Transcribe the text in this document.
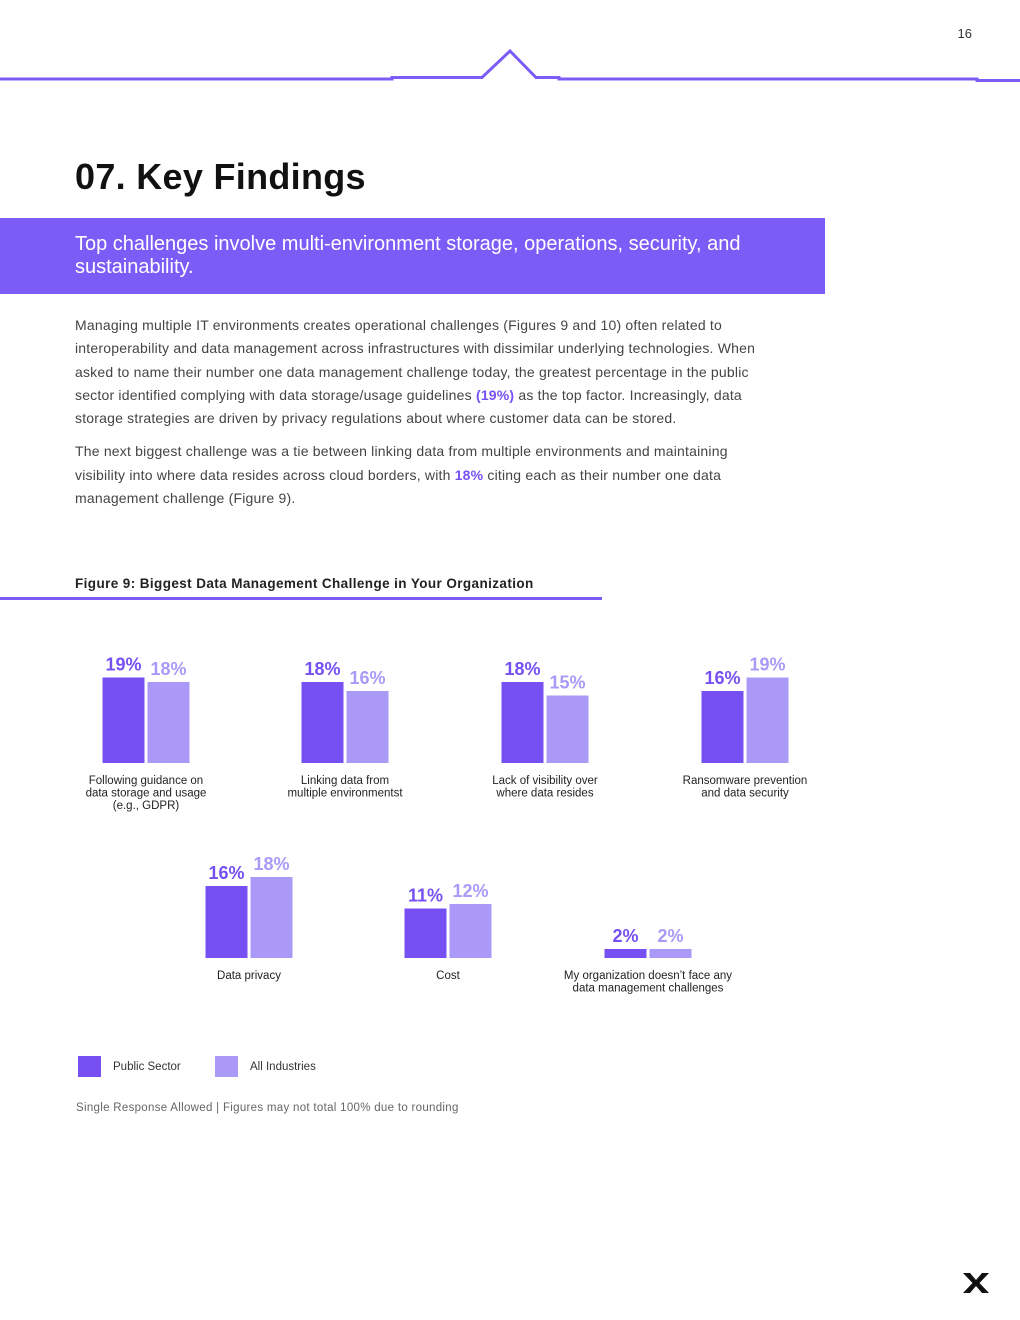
16
07. Key Findings
Top challenges involve multi-environment storage, operations, security, and sustainability.

Managing multiple IT environments creates operational challenges (Figures 9 and 10) often related to interoperability and data management across infrastructures with dissimilar underlying technologies. When asked to name their number one data management challenge today, the greatest percentage in the public sector identified complying with data storage/usage guidelines (19%) as the top factor. Increasingly, data storage strategies are driven by privacy regulations about where customer data can be stored.

The next biggest challenge was a tie between linking data from multiple environments and maintaining visibility into where data resides across cloud borders, with 18% citing each as their number one data management challenge (Figure 9).

Figure 9: Biggest Data Management Challenge in Your Organization
19% 18%
Following guidance on
data storage and usage
(e.g., GDPR)
18% 16%
Linking data from
multiple environmentst
18%
15%
Lack of visibility over
where data resides
16%
19%
Ransomware prevention
and data security
16% 18%
Data privacy
11% 12%
Cost
2% 2%
My organization doesn’t face any
data management challenges
Public Sector	All Industries
Single Response Allowed | Figures may not total 100% due to rounding
